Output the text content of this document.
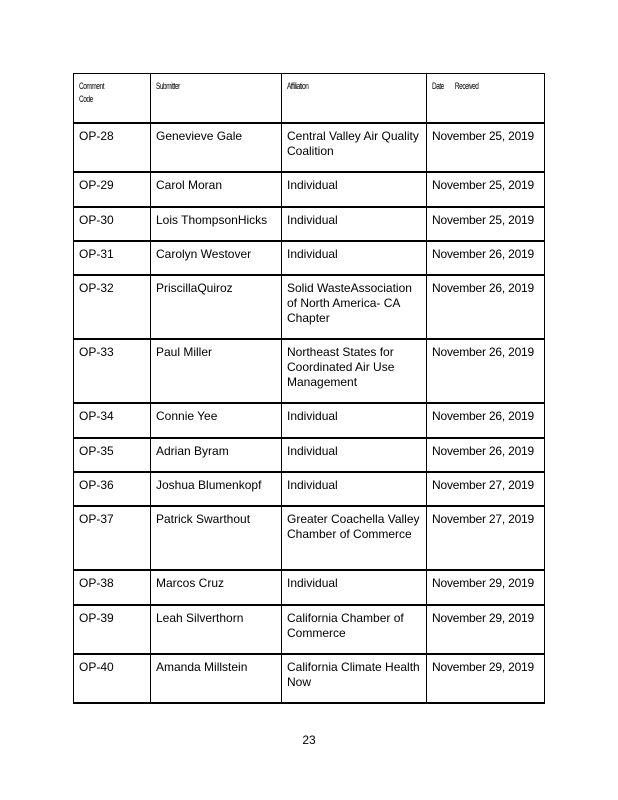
Comment
Code	Submitter	Affiliation	Date        Received
OP-28	Genevieve Gale	Central Valley Air Quality Coalition	November 25, 2019
OP-29	Carol Moran	Individual	November 25, 2019
OP-30	Lois ThompsonHicks	Individual	November 25, 2019
OP-31	Carolyn Westover	Individual	November 26, 2019
OP-32	PriscillaQuiroz	Solid WasteAssociation of North America- CA Chapter	November 26, 2019
OP-33	Paul Miller	Northeast States for Coordinated Air Use Management	November 26, 2019
OP-34	Connie Yee	Individual	November 26, 2019
OP-35	Adrian Byram	Individual	November 26, 2019
OP-36	Joshua Blumenkopf	Individual	November 27, 2019
OP-37	Patrick Swarthout	Greater Coachella Valley Chamber of Commerce	November 27, 2019
OP-38	Marcos Cruz	Individual	November 29, 2019
OP-39	Leah Silverthorn	California Chamber of Commerce	November 29, 2019
OP-40	Amanda Millstein	California Climate Health Now	November 29, 2019
23
